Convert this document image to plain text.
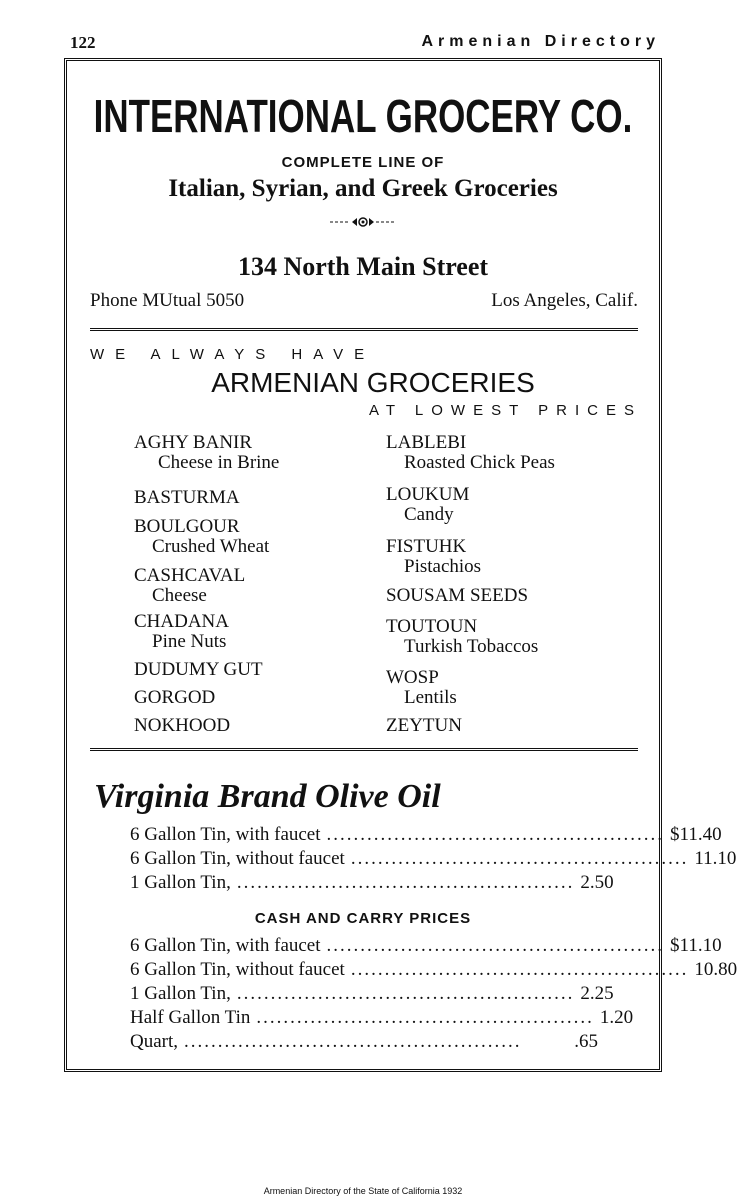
122	Armenian Directory
INTERNATIONAL GROCERY CO.
COMPLETE LINE OF
Italian, Syrian, and Greek Groceries
134 North Main Street
Phone MUtual 5050	Los Angeles, Calif.
WE ALWAYS HAVE
ARMENIAN GROCERIES
AT LOWEST PRICES
AGHY BANIR
Cheese in Brine
BASTURMA
BOULGOUR
Crushed Wheat
CASHCAVAL
Cheese
CHADANA
Pine Nuts
DUDUMY GUT
GORGOD
NOKHOOD
LABLEBI
Roasted Chick Peas
LOUKUM
Candy
FISTUHK
Pistachios
SOUSAM SEEDS
TOUTOUN
Turkish Tobaccos
WOSP
Lentils
ZEYTUN
Virginia Brand Olive Oil
6 Gallon Tin, with faucet .................................................. $11.40
6 Gallon Tin, without faucet .................................................. 11.10
1 Gallon Tin, .................................................. 2.50
CASH AND CARRY PRICES
6 Gallon Tin, with faucet .................................................. $11.10
6 Gallon Tin, without faucet .................................................. 10.80
1 Gallon Tin, .................................................. 2.25
Half Gallon Tin .................................................. 1.20
Quart, ..................................................	.65
Armenian Directory of the State of California 1932
